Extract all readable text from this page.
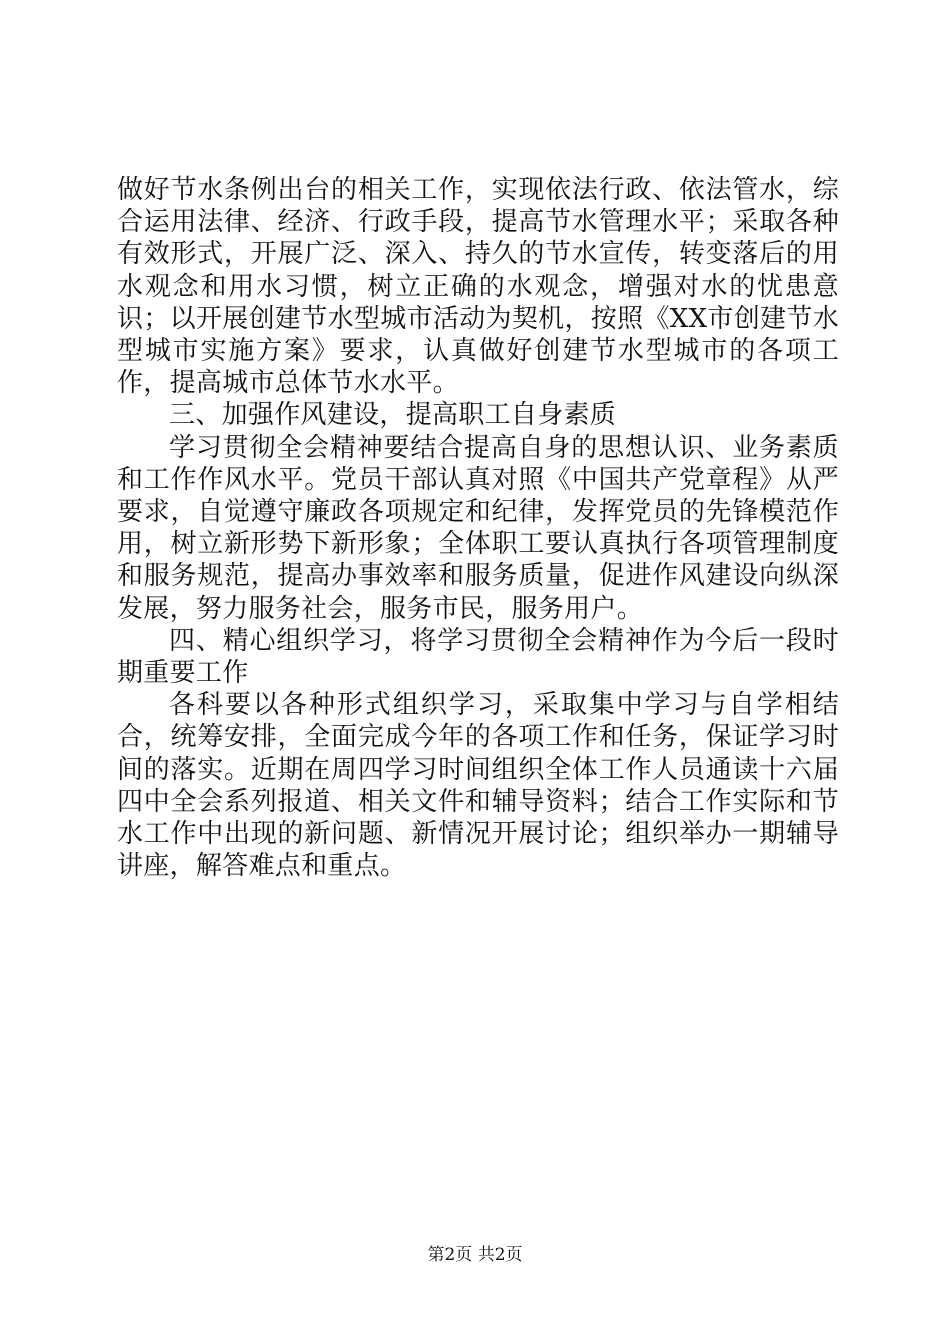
做好节水条例出台的相关工作，实现依法行政、依法管水，综合运用法律、经济、行政手段，提高节水管理水平；采取各种有效形式，开展广泛、深入、持久的节水宣传，转变落后的用水观念和用水习惯，树立正确的水观念，增强对水的忧患意识；以开展创建节水型城市活动为契机，按照《XX市创建节水型城市实施方案》要求，认真做好创建节水型城市的各项工作，提高城市总体节水水平。

三、加强作风建设，提高职工自身素质

学习贯彻全会精神要结合提高自身的思想认识、业务素质和工作作风水平。党员干部认真对照《中国共产党章程》从严要求，自觉遵守廉政各项规定和纪律，发挥党员的先锋模范作用，树立新形势下新形象；全体职工要认真执行各项管理制度和服务规范，提高办事效率和服务质量，促进作风建设向纵深发展，努力服务社会，服务市民，服务用户。

四、精心组织学习，将学习贯彻全会精神作为今后一段时期重要工作

各科要以各种形式组织学习，采取集中学习与自学相结合，统筹安排，全面完成今年的各项工作和任务，保证学习时间的落实。近期在周四学习时间组织全体工作人员通读十六届四中全会系列报道、相关文件和辅导资料；结合工作实际和节水工作中出现的新问题、新情况开展讨论；组织举办一期辅导讲座，解答难点和重点。

第2页 共2页
